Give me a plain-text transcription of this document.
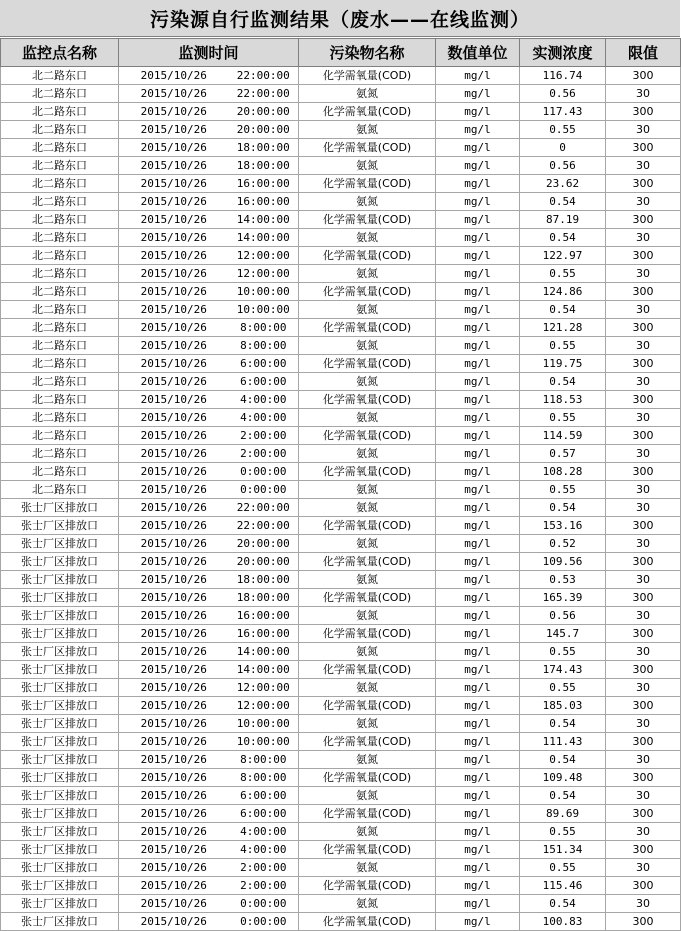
污染源自行监测结果（废水——在线监测）
监控点名称	监测时间		污染物名称	数值单位	实测浓度	限值
北二路东口	2015/10/26	22:00:00	化学需氧量(COD)	mg/l	116.74	300
北二路东口	2015/10/26	22:00:00	氨氮	mg/l	0.56	30
北二路东口	2015/10/26	20:00:00	化学需氧量(COD)	mg/l	117.43	300
北二路东口	2015/10/26	20:00:00	氨氮	mg/l	0.55	30
北二路东口	2015/10/26	18:00:00	化学需氧量(COD)	mg/l	0	300
北二路东口	2015/10/26	18:00:00	氨氮	mg/l	0.56	30
北二路东口	2015/10/26	16:00:00	化学需氧量(COD)	mg/l	23.62	300
北二路东口	2015/10/26	16:00:00	氨氮	mg/l	0.54	30
北二路东口	2015/10/26	14:00:00	化学需氧量(COD)	mg/l	87.19	300
北二路东口	2015/10/26	14:00:00	氨氮	mg/l	0.54	30
北二路东口	2015/10/26	12:00:00	化学需氧量(COD)	mg/l	122.97	300
北二路东口	2015/10/26	12:00:00	氨氮	mg/l	0.55	30
北二路东口	2015/10/26	10:00:00	化学需氧量(COD)	mg/l	124.86	300
北二路东口	2015/10/26	10:00:00	氨氮	mg/l	0.54	30
北二路东口	2015/10/26	8:00:00	化学需氧量(COD)	mg/l	121.28	300
北二路东口	2015/10/26	8:00:00	氨氮	mg/l	0.55	30
北二路东口	2015/10/26	6:00:00	化学需氧量(COD)	mg/l	119.75	300
北二路东口	2015/10/26	6:00:00	氨氮	mg/l	0.54	30
北二路东口	2015/10/26	4:00:00	化学需氧量(COD)	mg/l	118.53	300
北二路东口	2015/10/26	4:00:00	氨氮	mg/l	0.55	30
北二路东口	2015/10/26	2:00:00	化学需氧量(COD)	mg/l	114.59	300
北二路东口	2015/10/26	2:00:00	氨氮	mg/l	0.57	30
北二路东口	2015/10/26	0:00:00	化学需氧量(COD)	mg/l	108.28	300
北二路东口	2015/10/26	0:00:00	氨氮	mg/l	0.55	30
张士厂区排放口	2015/10/26	22:00:00	氨氮	mg/l	0.54	30
张士厂区排放口	2015/10/26	22:00:00	化学需氧量(COD)	mg/l	153.16	300
张士厂区排放口	2015/10/26	20:00:00	氨氮	mg/l	0.52	30
张士厂区排放口	2015/10/26	20:00:00	化学需氧量(COD)	mg/l	109.56	300
张士厂区排放口	2015/10/26	18:00:00	氨氮	mg/l	0.53	30
张士厂区排放口	2015/10/26	18:00:00	化学需氧量(COD)	mg/l	165.39	300
张士厂区排放口	2015/10/26	16:00:00	氨氮	mg/l	0.56	30
张士厂区排放口	2015/10/26	16:00:00	化学需氧量(COD)	mg/l	145.7	300
张士厂区排放口	2015/10/26	14:00:00	氨氮	mg/l	0.55	30
张士厂区排放口	2015/10/26	14:00:00	化学需氧量(COD)	mg/l	174.43	300
张士厂区排放口	2015/10/26	12:00:00	氨氮	mg/l	0.55	30
张士厂区排放口	2015/10/26	12:00:00	化学需氧量(COD)	mg/l	185.03	300
张士厂区排放口	2015/10/26	10:00:00	氨氮	mg/l	0.54	30
张士厂区排放口	2015/10/26	10:00:00	化学需氧量(COD)	mg/l	111.43	300
张士厂区排放口	2015/10/26	8:00:00	氨氮	mg/l	0.54	30
张士厂区排放口	2015/10/26	8:00:00	化学需氧量(COD)	mg/l	109.48	300
张士厂区排放口	2015/10/26	6:00:00	氨氮	mg/l	0.54	30
张士厂区排放口	2015/10/26	6:00:00	化学需氧量(COD)	mg/l	89.69	300
张士厂区排放口	2015/10/26	4:00:00	氨氮	mg/l	0.55	30
张士厂区排放口	2015/10/26	4:00:00	化学需氧量(COD)	mg/l	151.34	300
张士厂区排放口	2015/10/26	2:00:00	氨氮	mg/l	0.55	30
张士厂区排放口	2015/10/26	2:00:00	化学需氧量(COD)	mg/l	115.46	300
张士厂区排放口	2015/10/26	0:00:00	氨氮	mg/l	0.54	30
张士厂区排放口	2015/10/26	0:00:00	化学需氧量(COD)	mg/l	100.83	300
